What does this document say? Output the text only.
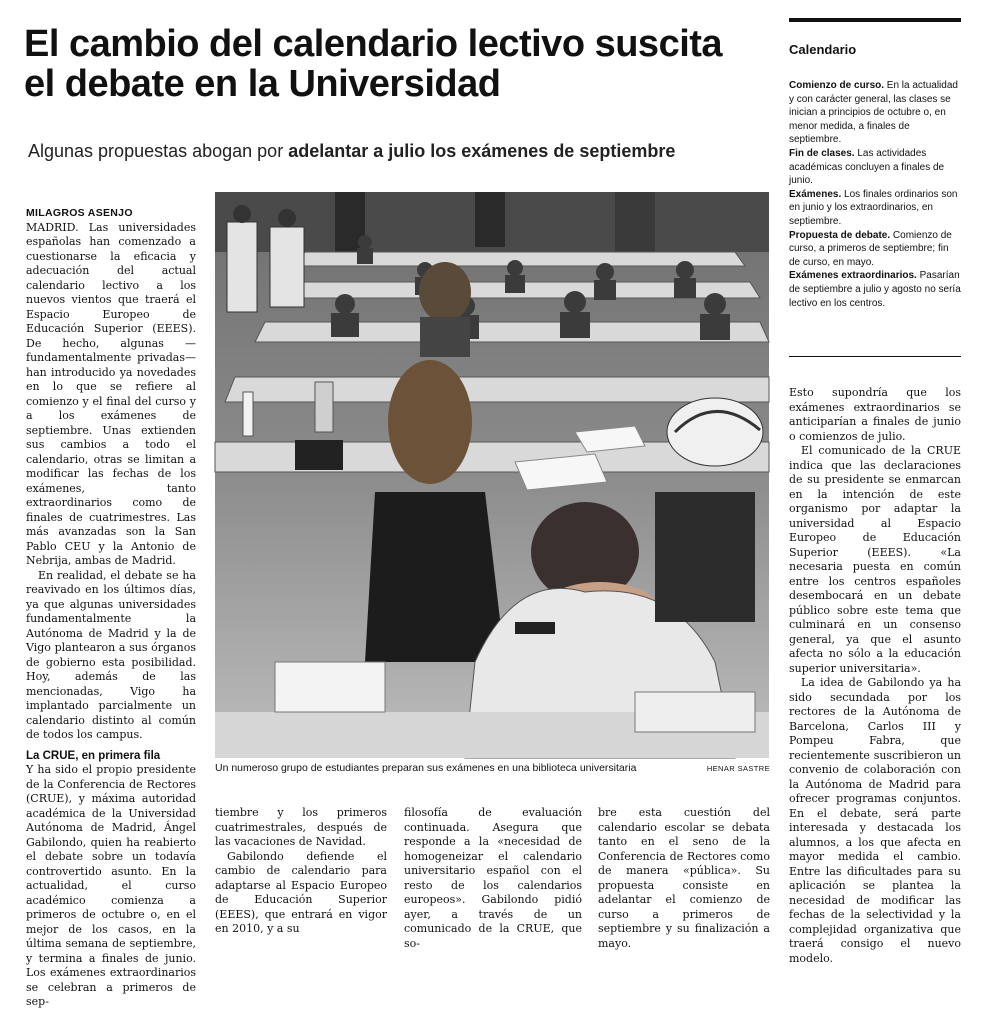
El cambio del calendario lectivo suscita el debate en la Universidad

Algunas propuestas abogan por adelantar a julio los exámenes de septiembre

MILAGROS ASENJO

MADRID. Las universidades españolas han comenzado a cuestionarse la eficacia y adecuación del actual calendario lectivo a los nuevos vientos que traerá el Espacio Europeo de Educación Superior (EEES). De hecho, algunas —fundamentalmente privadas— han introducido ya novedades en lo que se refiere al comienzo y el final del curso y a los exámenes de septiembre. Unas extienden sus cambios a todo el calendario, otras se limitan a modificar las fechas de los exámenes, tanto extraordinarios como de finales de cuatrimestres. Las más avanzadas son la San Pablo CEU y la Antonio de Nebrija, ambas de Madrid.

En realidad, el debate se ha reavivado en los últimos días, ya que algunas universidades fundamentalmente la Autónoma de Madrid y la de Vigo plantearon a sus órganos de gobierno esta posibilidad. Hoy, además de las mencionadas, Vigo ha implantado parcialmente un calendario distinto al común de todos los campus.

La CRUE, en primera fila

Y ha sido el propio presidente de la Conferencia de Rectores (CRUE), y máxima autoridad académica de la Universidad Autónoma de Madrid, Ángel Gabilondo, quien ha reabierto el debate sobre un todavía controvertido asunto. En la actualidad, el curso académico comienza a primeros de octubre o, en el mejor de los casos, en la última semana de septiembre, y termina a finales de junio. Los exámenes extraordinarios se celebran a primeros de sep-

Un numeroso grupo de estudiantes preparan sus exámenes en una biblioteca universitaria	HENAR SASTRE

tiembre y los primeros cuatrimestrales, después de las vacaciones de Navidad.

Gabilondo defiende el cambio de calendario para adaptarse al Espacio Europeo de Educación Superior (EEES), que entrará en vigor en 2010, y a su

filosofía de evaluación continuada. Asegura que responde a la «necesidad de homogeneizar el calendario universitario español con el resto de los calendarios europeos». Gabilondo pidió ayer, a través de un comunicado de la CRUE, que so-

bre esta cuestión del calendario escolar se debata tanto en el seno de la Conferencia de Rectores como de manera «pública». Su propuesta consiste en adelantar el comienzo de curso a primeros de septiembre y su finalización a mayo.

Calendario

Comienzo de curso. En la actualidad y con carácter general, las clases se inician a principios de octubre o, en menor medida, a finales de septiembre.

Fin de clases. Las actividades académicas concluyen a finales de junio.

Exámenes. Los finales ordinarios son en junio y los extraordinarios, en septiembre.

Propuesta de debate. Comienzo de curso, a primeros de septiembre; fin de curso, en mayo.

Exámenes extraordinarios. Pasarían de septiembre a julio y agosto no sería lectivo en los centros.

Esto supondría que los exámenes extraordinarios se anticiparían a finales de junio o comienzos de julio.

El comunicado de la CRUE indica que las declaraciones de su presidente se enmarcan en la intención de este organismo por adaptar la universidad al Espacio Europeo de Educación Superior (EEES). «La necesaria puesta en común entre los centros españoles desembocará en un debate público sobre este tema que culminará en un consenso general, ya que el asunto afecta no sólo a la educación superior universitaria».

La idea de Gabilondo ya ha sido secundada por los rectores de la Autónoma de Barcelona, Carlos III y Pompeu Fabra, que recientemente suscribieron un convenio de colaboración con la Autónoma de Madrid para ofrecer programas conjuntos. En el debate, será parte interesada y destacada los alumnos, a los que afecta en mayor medida el cambio. Entre las dificultades para su aplicación se plantea la necesidad de modificar las fechas de la selectividad y la complejidad organizativa que traerá consigo el nuevo modelo.
